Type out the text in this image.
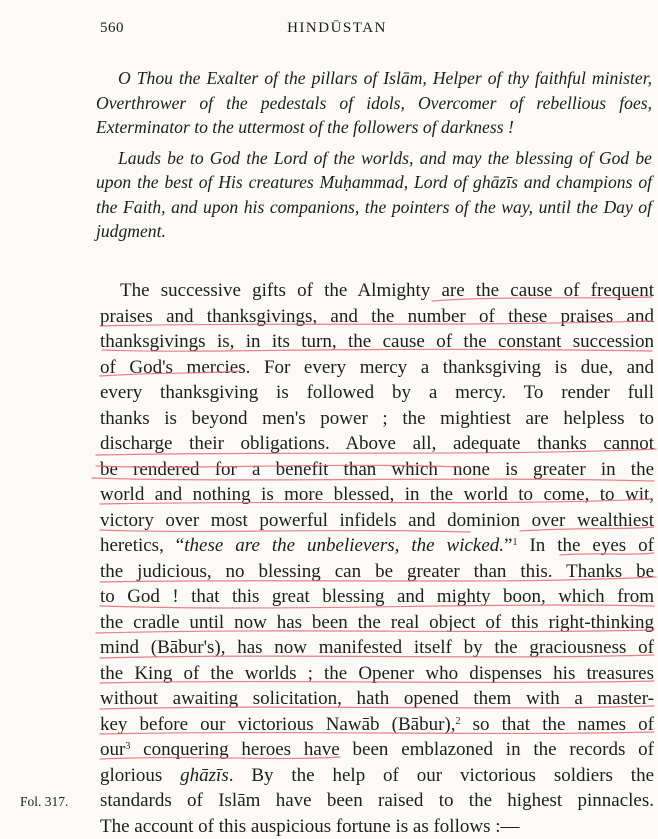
560	HINDŪSTAN

O Thou the Exalter of the pillars of Islām, Helper of thy faithful minister, Overthrower of the pedestals of idols, Overcomer of rebellious foes, Exterminator to the uttermost of the followers of darkness !

Lauds be to God the Lord of the worlds, and may the blessing of God be upon the best of His creatures Muḥammad, Lord of ghāzīs and champions of the Faith, and upon his companions, the pointers of the way, until the Day of judgment.

The successive gifts of the Almighty are the cause of frequent
praises and thanksgivings, and the number of these praises and
thanksgivings is, in its turn, the cause of the constant succession
of God's mercies. For every mercy a thanksgiving is due, and
every thanksgiving is followed by a mercy. To render full
thanks is beyond men's power ; the mightiest are helpless to
discharge their obligations. Above all, adequate thanks cannot
be rendered for a benefit than which none is greater in the
world and nothing is more blessed, in the world to come, to wit,
victory over most powerful infidels and dominion over wealthiest
heretics, “these are the unbelievers, the wicked.”$^1$ In the eyes of
the judicious, no blessing can be greater than this. Thanks be
to God ! that this great blessing and mighty boon, which from
the cradle until now has been the real object of this right-thinking
mind (Bābur's), has now manifested itself by the graciousness of
the King of the worlds ; the Opener who dispenses his treasures
without awaiting solicitation, hath opened them with a master-
key before our victorious Nawāb (Bābur),$^2$ so that the names of
our$^3$ conquering heroes have been emblazoned in the records of
glorious ghāzīs. By the help of our victorious soldiers the
standards of Islām have been raised to the highest pinnacles.
The account of this auspicious fortune is as follows :—
Fol. 317.
